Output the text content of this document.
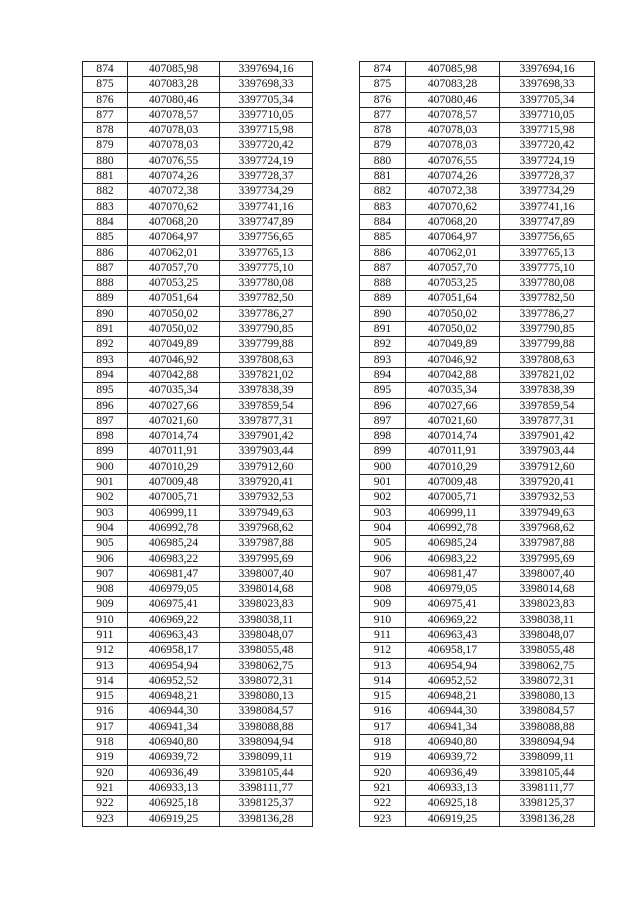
874	407085,98	3397694,16
875	407083,28	3397698,33
876	407080,46	3397705,34
877	407078,57	3397710,05
878	407078,03	3397715,98
879	407078,03	3397720,42
880	407076,55	3397724,19
881	407074,26	3397728,37
882	407072,38	3397734,29
883	407070,62	3397741,16
884	407068,20	3397747,89
885	407064,97	3397756,65
886	407062,01	3397765,13
887	407057,70	3397775,10
888	407053,25	3397780,08
889	407051,64	3397782,50
890	407050,02	3397786,27
891	407050,02	3397790,85
892	407049,89	3397799,88
893	407046,92	3397808,63
894	407042,88	3397821,02
895	407035,34	3397838,39
896	407027,66	3397859,54
897	407021,60	3397877,31
898	407014,74	3397901,42
899	407011,91	3397903,44
900	407010,29	3397912,60
901	407009,48	3397920,41
902	407005,71	3397932,53
903	406999,11	3397949,63
904	406992,78	3397968,62
905	406985,24	3397987,88
906	406983,22	3397995,69
907	406981,47	3398007,40
908	406979,05	3398014,68
909	406975,41	3398023,83
910	406969,22	3398038,11
911	406963,43	3398048,07
912	406958,17	3398055,48
913	406954,94	3398062,75
914	406952,52	3398072,31
915	406948,21	3398080,13
916	406944,30	3398084,57
917	406941,34	3398088,88
918	406940,80	3398094,94
919	406939,72	3398099,11
920	406936,49	3398105,44
921	406933,13	3398111,77
922	406925,18	3398125,37
923	406919,25	3398136,28
874	407085,98	3397694,16
875	407083,28	3397698,33
876	407080,46	3397705,34
877	407078,57	3397710,05
878	407078,03	3397715,98
879	407078,03	3397720,42
880	407076,55	3397724,19
881	407074,26	3397728,37
882	407072,38	3397734,29
883	407070,62	3397741,16
884	407068,20	3397747,89
885	407064,97	3397756,65
886	407062,01	3397765,13
887	407057,70	3397775,10
888	407053,25	3397780,08
889	407051,64	3397782,50
890	407050,02	3397786,27
891	407050,02	3397790,85
892	407049,89	3397799,88
893	407046,92	3397808,63
894	407042,88	3397821,02
895	407035,34	3397838,39
896	407027,66	3397859,54
897	407021,60	3397877,31
898	407014,74	3397901,42
899	407011,91	3397903,44
900	407010,29	3397912,60
901	407009,48	3397920,41
902	407005,71	3397932,53
903	406999,11	3397949,63
904	406992,78	3397968,62
905	406985,24	3397987,88
906	406983,22	3397995,69
907	406981,47	3398007,40
908	406979,05	3398014,68
909	406975,41	3398023,83
910	406969,22	3398038,11
911	406963,43	3398048,07
912	406958,17	3398055,48
913	406954,94	3398062,75
914	406952,52	3398072,31
915	406948,21	3398080,13
916	406944,30	3398084,57
917	406941,34	3398088,88
918	406940,80	3398094,94
919	406939,72	3398099,11
920	406936,49	3398105,44
921	406933,13	3398111,77
922	406925,18	3398125,37
923	406919,25	3398136,28
